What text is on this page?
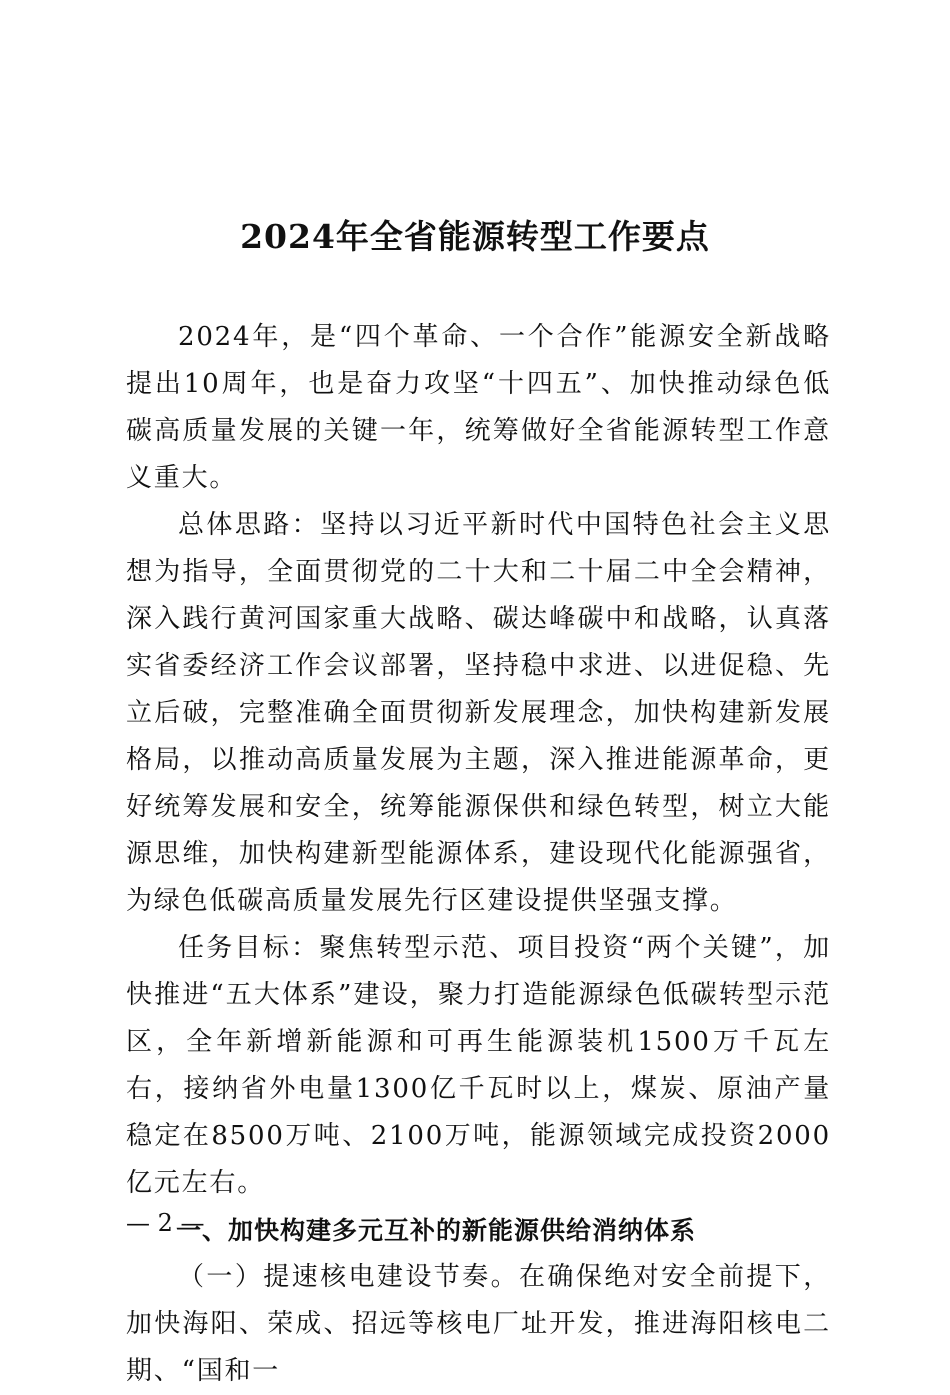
2024年全省能源转型工作要点

2024年，是“四个革命、一个合作”能源安全新战略提出10周年，也是奋力攻坚“十四五”、加快推动绿色低碳高质量发展的关键一年，统筹做好全省能源转型工作意义重大。

总体思路：坚持以习近平新时代中国特色社会主义思想为指导，全面贯彻党的二十大和二十届二中全会精神，深入践行黄河国家重大战略、碳达峰碳中和战略，认真落实省委经济工作会议部署，坚持稳中求进、以进促稳、先立后破，完整准确全面贯彻新发展理念，加快构建新发展格局，以推动高质量发展为主题，深入推进能源革命，更好统筹发展和安全，统筹能源保供和绿色转型，树立大能源思维，加快构建新型能源体系，建设现代化能源强省，为绿色低碳高质量发展先行区建设提供坚强支撑。

任务目标：聚焦转型示范、项目投资“两个关键”，加快推进“五大体系”建设，聚力打造能源绿色低碳转型示范区，全年新增新能源和可再生能源装机1500万千瓦左右，接纳省外电量1300亿千瓦时以上，煤炭、原油产量稳定在8500万吨、2100万吨，能源领域完成投资2000亿元左右。

一、加快构建多元互补的新能源供给消纳体系

（一）提速核电建设节奏。在确保绝对安全前提下，加快海阳、荣成、招远等核电厂址开发，推进海阳核电二期、“国和一

— 2 —
